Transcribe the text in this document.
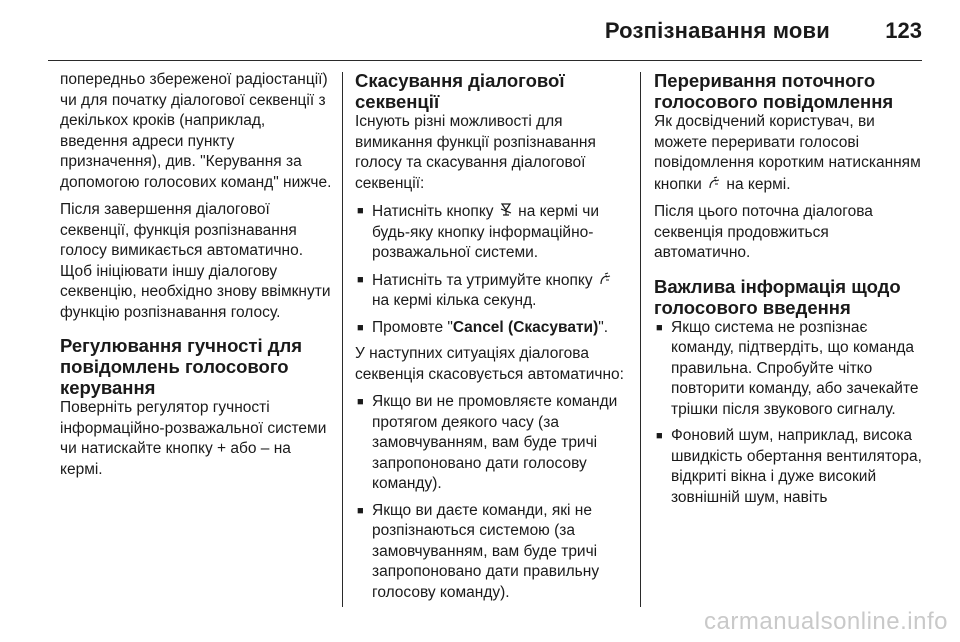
Розпізнавання мови	123

попередньо збереженої радіостанції) чи для початку діалогової секвенції з декількох кроків (наприклад, введення адреси пункту призначення), див. "Керування за допомогою голосових команд" нижче.

Після завершення діалогової секвенції, функція розпізнавання голосу вимикається автоматично. Щоб ініціювати іншу діалогову секвенцію, необхідно знову ввімкнути функцію розпізнавання голосу.

Регулювання гучності для повідомлень голосового керування

Поверніть регулятор гучності інформаційно-розважальної системи чи натискайте кнопку + або – на кермі.

Скасування діалогової секвенції

Існують різні можливості для вимикання функції розпізнавання голосу та скасування діалогової секвенції:

■ Натисніть кнопку на кермі чи будь-яку кнопку інформаційно-розважальної системи.
■ Натисніть та утримуйте кнопку  на кермі кілька секунд.
■ Промовте "Cancel (Скасувати)".

У наступних ситуаціях діалогова секвенція скасовується автоматично:

■ Якщо ви не промовляєте команди протягом деякого часу (за замовчуванням, вам буде тричі запропоновано дати голосову команду).
■ Якщо ви даєте команди, які не розпізнаються системою (за замовчуванням, вам буде тричі запропоновано дати правильну голосову команду).
Переривання поточного голосового повідомлення

Як досвідчений користувач, ви можете переривати голосові повідомлення коротким натисканням кнопки на кермі.

Після цього поточна діалогова секвенція продовжиться автоматично.

Важлива інформація щодо голосового введення
■ Якщо система не розпізнає команду, підтвердіть, що команда правильна. Спробуйте чітко повторити команду, або зачекайте трішки після звукового сигналу.
■ Фоновий шум, наприклад, висока швидкість обертання вентилятора, відкриті вікна і дуже високий зовнішній шум, навіть
carmanualsonline.info
